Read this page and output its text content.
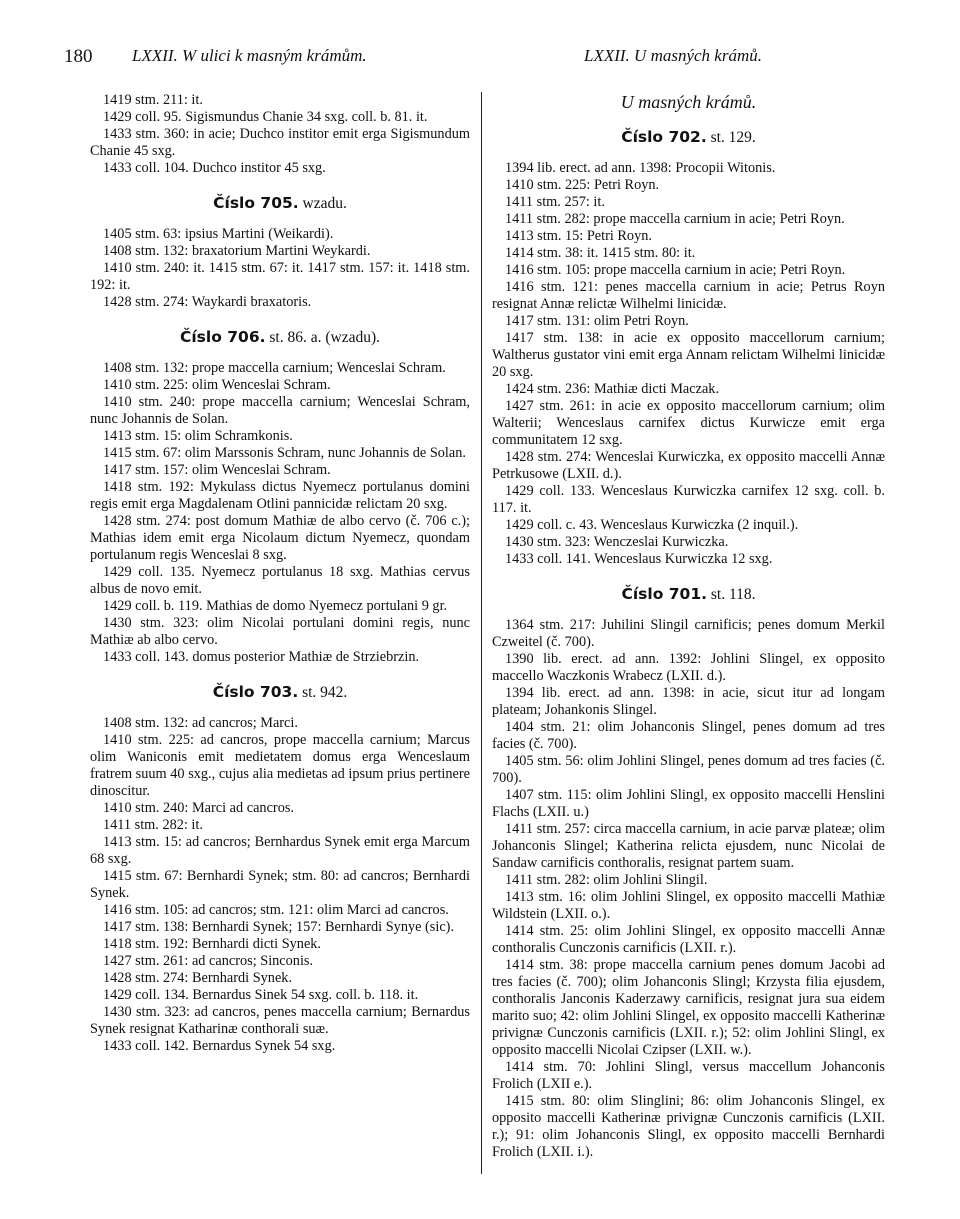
180 LXXII. W ulici k masným krámům.	LXXII. U masných krámů.
1419 stm. 211: it.
1429 coll. 95. Sigismundus Chanie 34 sxg. coll. b. 81. it.
1433 stm. 360: in acie; Duchco institor emit erga Sigismundum Chanie 45 sxg.
1433 coll. 104. Duchco institor 45 sxg.
Číslo 705. wzadu.
1405 stm. 63: ipsius Martini (Weikardi).
1408 stm. 132: braxatorium Martini Weykardi.
1410 stm. 240: it. 1415 stm. 67: it. 1417 stm. 157: it. 1418 stm. 192: it.
1428 stm. 274: Waykardi braxatoris.
Číslo 706. st. 86. a. (wzadu).
1408 stm. 132: prope maccella carnium; Wenceslai Schram.
1410 stm. 225: olim Wenceslai Schram.
1410 stm. 240: prope maccella carnium; Wenceslai Schram, nunc Johannis de Solan.
1413 stm. 15: olim Schramkonis.
1415 stm. 67: olim Marssonis Schram, nunc Johannis de Solan.
1417 stm. 157: olim Wenceslai Schram.
1418 stm. 192: Mykulass dictus Nyemecz portulanus domini regis emit erga Magdalenam Otlini pannicidæ relictam 20 sxg.
1428 stm. 274: post domum Mathiæ de albo cervo (č. 706 c.); Mathias idem emit erga Nicolaum dictum Nyemecz, quondam portulanum regis Wenceslai 8 sxg.
1429 coll. 135. Nyemecz portulanus 18 sxg. Mathias cervus albus de novo emit.
1429 coll. b. 119. Mathias de domo Nyemecz portulani 9 gr.
1430 stm. 323: olim Nicolai portulani domini regis, nunc Mathiæ ab albo cervo.
1433 coll. 143. domus posterior Mathiæ de Strziebrzin.
Číslo 703. st. 942.
1408 stm. 132: ad cancros; Marci.
1410 stm. 225: ad cancros, prope maccella carnium; Marcus olim Waniconis emit medietatem domus erga Wenceslaum fratrem suum 40 sxg., cujus alia medietas ad ipsum prius pertinere dinoscitur.
1410 stm. 240: Marci ad cancros.
1411 stm. 282: it.
1413 stm. 15: ad cancros; Bernhardus Synek emit erga Marcum 68 sxg.
1415 stm. 67: Bernhardi Synek; stm. 80: ad cancros; Bernhardi Synek.
1416 stm. 105: ad cancros; stm. 121: olim Marci ad cancros.
1417 stm. 138: Bernhardi Synek; 157: Bernhardi Synye (sic).
1418 stm. 192: Bernhardi dicti Synek.
1427 stm. 261: ad cancros; Sinconis.
1428 stm. 274: Bernhardi Synek.
1429 coll. 134. Bernardus Sinek 54 sxg. coll. b. 118. it.
1430 stm. 323: ad cancros, penes maccella carnium; Bernardus Synek resignat Katharinæ conthorali suæ.
1433 coll. 142. Bernardus Synek 54 sxg.
U masných krámů.
Číslo 702. st. 129.
1394 lib. erect. ad ann. 1398: Procopii Witonis.
1410 stm. 225: Petri Royn.
1411 stm. 257: it.
1411 stm. 282: prope maccella carnium in acie; Petri Royn.
1413 stm. 15: Petri Royn.
1414 stm. 38: it. 1415 stm. 80: it.
1416 stm. 105: prope maccella carnium in acie; Petri Royn.
1416 stm. 121: penes maccella carnium in acie; Petrus Royn resignat Annæ relictæ Wilhelmi linicidæ.
1417 stm. 131: olim Petri Royn.
1417 stm. 138: in acie ex opposito maccellorum carnium; Waltherus gustator vini emit erga Annam relictam Wilhelmi linicidæ 20 sxg.
1424 stm. 236: Mathiæ dicti Maczak.
1427 stm. 261: in acie ex opposito maccellorum carnium; olim Walterii; Wenceslaus carnifex dictus Kurwicze emit erga communitatem 12 sxg.
1428 stm. 274: Wenceslai Kurwiczka, ex opposito maccelli Annæ Petrkusowe (LXII. d.).
1429 coll. 133. Wenceslaus Kurwiczka carnifex 12 sxg. coll. b. 117. it.
1429 coll. c. 43. Wenceslaus Kurwiczka (2 inquil.).
1430 stm. 323: Wenczeslai Kurwiczka.
1433 coll. 141. Wenceslaus Kurwiczka 12 sxg.
Číslo 701. st. 118.
1364 stm. 217: Juhilini Slingil carnificis; penes domum Merkil Czweitel (č. 700).
1390 lib. erect. ad ann. 1392: Johlini Slingel, ex opposito maccello Waczkonis Wrabecz (LXII. d.).
1394 lib. erect. ad ann. 1398: in acie, sicut itur ad longam plateam; Johankonis Slingel.
1404 stm. 21: olim Johanconis Slingel, penes domum ad tres facies (č. 700).
1405 stm. 56: olim Johlini Slingel, penes domum ad tres facies (č. 700).
1407 stm. 115: olim Johlini Slingl, ex opposito maccelli Henslini Flachs (LXII. u.)
1411 stm. 257: circa maccella carnium, in acie parvæ plateæ; olim Johanconis Slingel; Katherina relicta ejusdem, nunc Nicolai de Sandaw carnificis conthoralis, resignat partem suam.
1411 stm. 282: olim Johlini Slingil.
1413 stm. 16: olim Johlini Slingel, ex opposito maccelli Mathiæ Wildstein (LXII. o.).
1414 stm. 25: olim Johlini Slingel, ex opposito maccelli Annæ conthoralis Cunczonis carnificis (LXII. r.).
1414 stm. 38: prope maccella carnium penes domum Jacobi ad tres facies (č. 700); olim Johanconis Slingl; Krzysta filia ejusdem, conthoralis Janconis Kaderzawy carnificis, resignat jura sua eidem marito suo; 42: olim Johlini Slingel, ex opposito maccelli Katherinæ privignæ Cunczonis carnificis (LXII. r.); 52: olim Johlini Slingl, ex opposito maccelli Nicolai Czipser (LXII. w.).
1414 stm. 70: Johlini Slingl, versus maccellum Johanconis Frolich (LXII e.).
1415 stm. 80: olim Slinglini; 86: olim Johanconis Slingel, ex opposito maccelli Katherinæ privignæ Cunczonis carnificis (LXII. r.); 91: olim Johanconis Slingl, ex opposito maccelli Bernhardi Frolich (LXII. i.).
